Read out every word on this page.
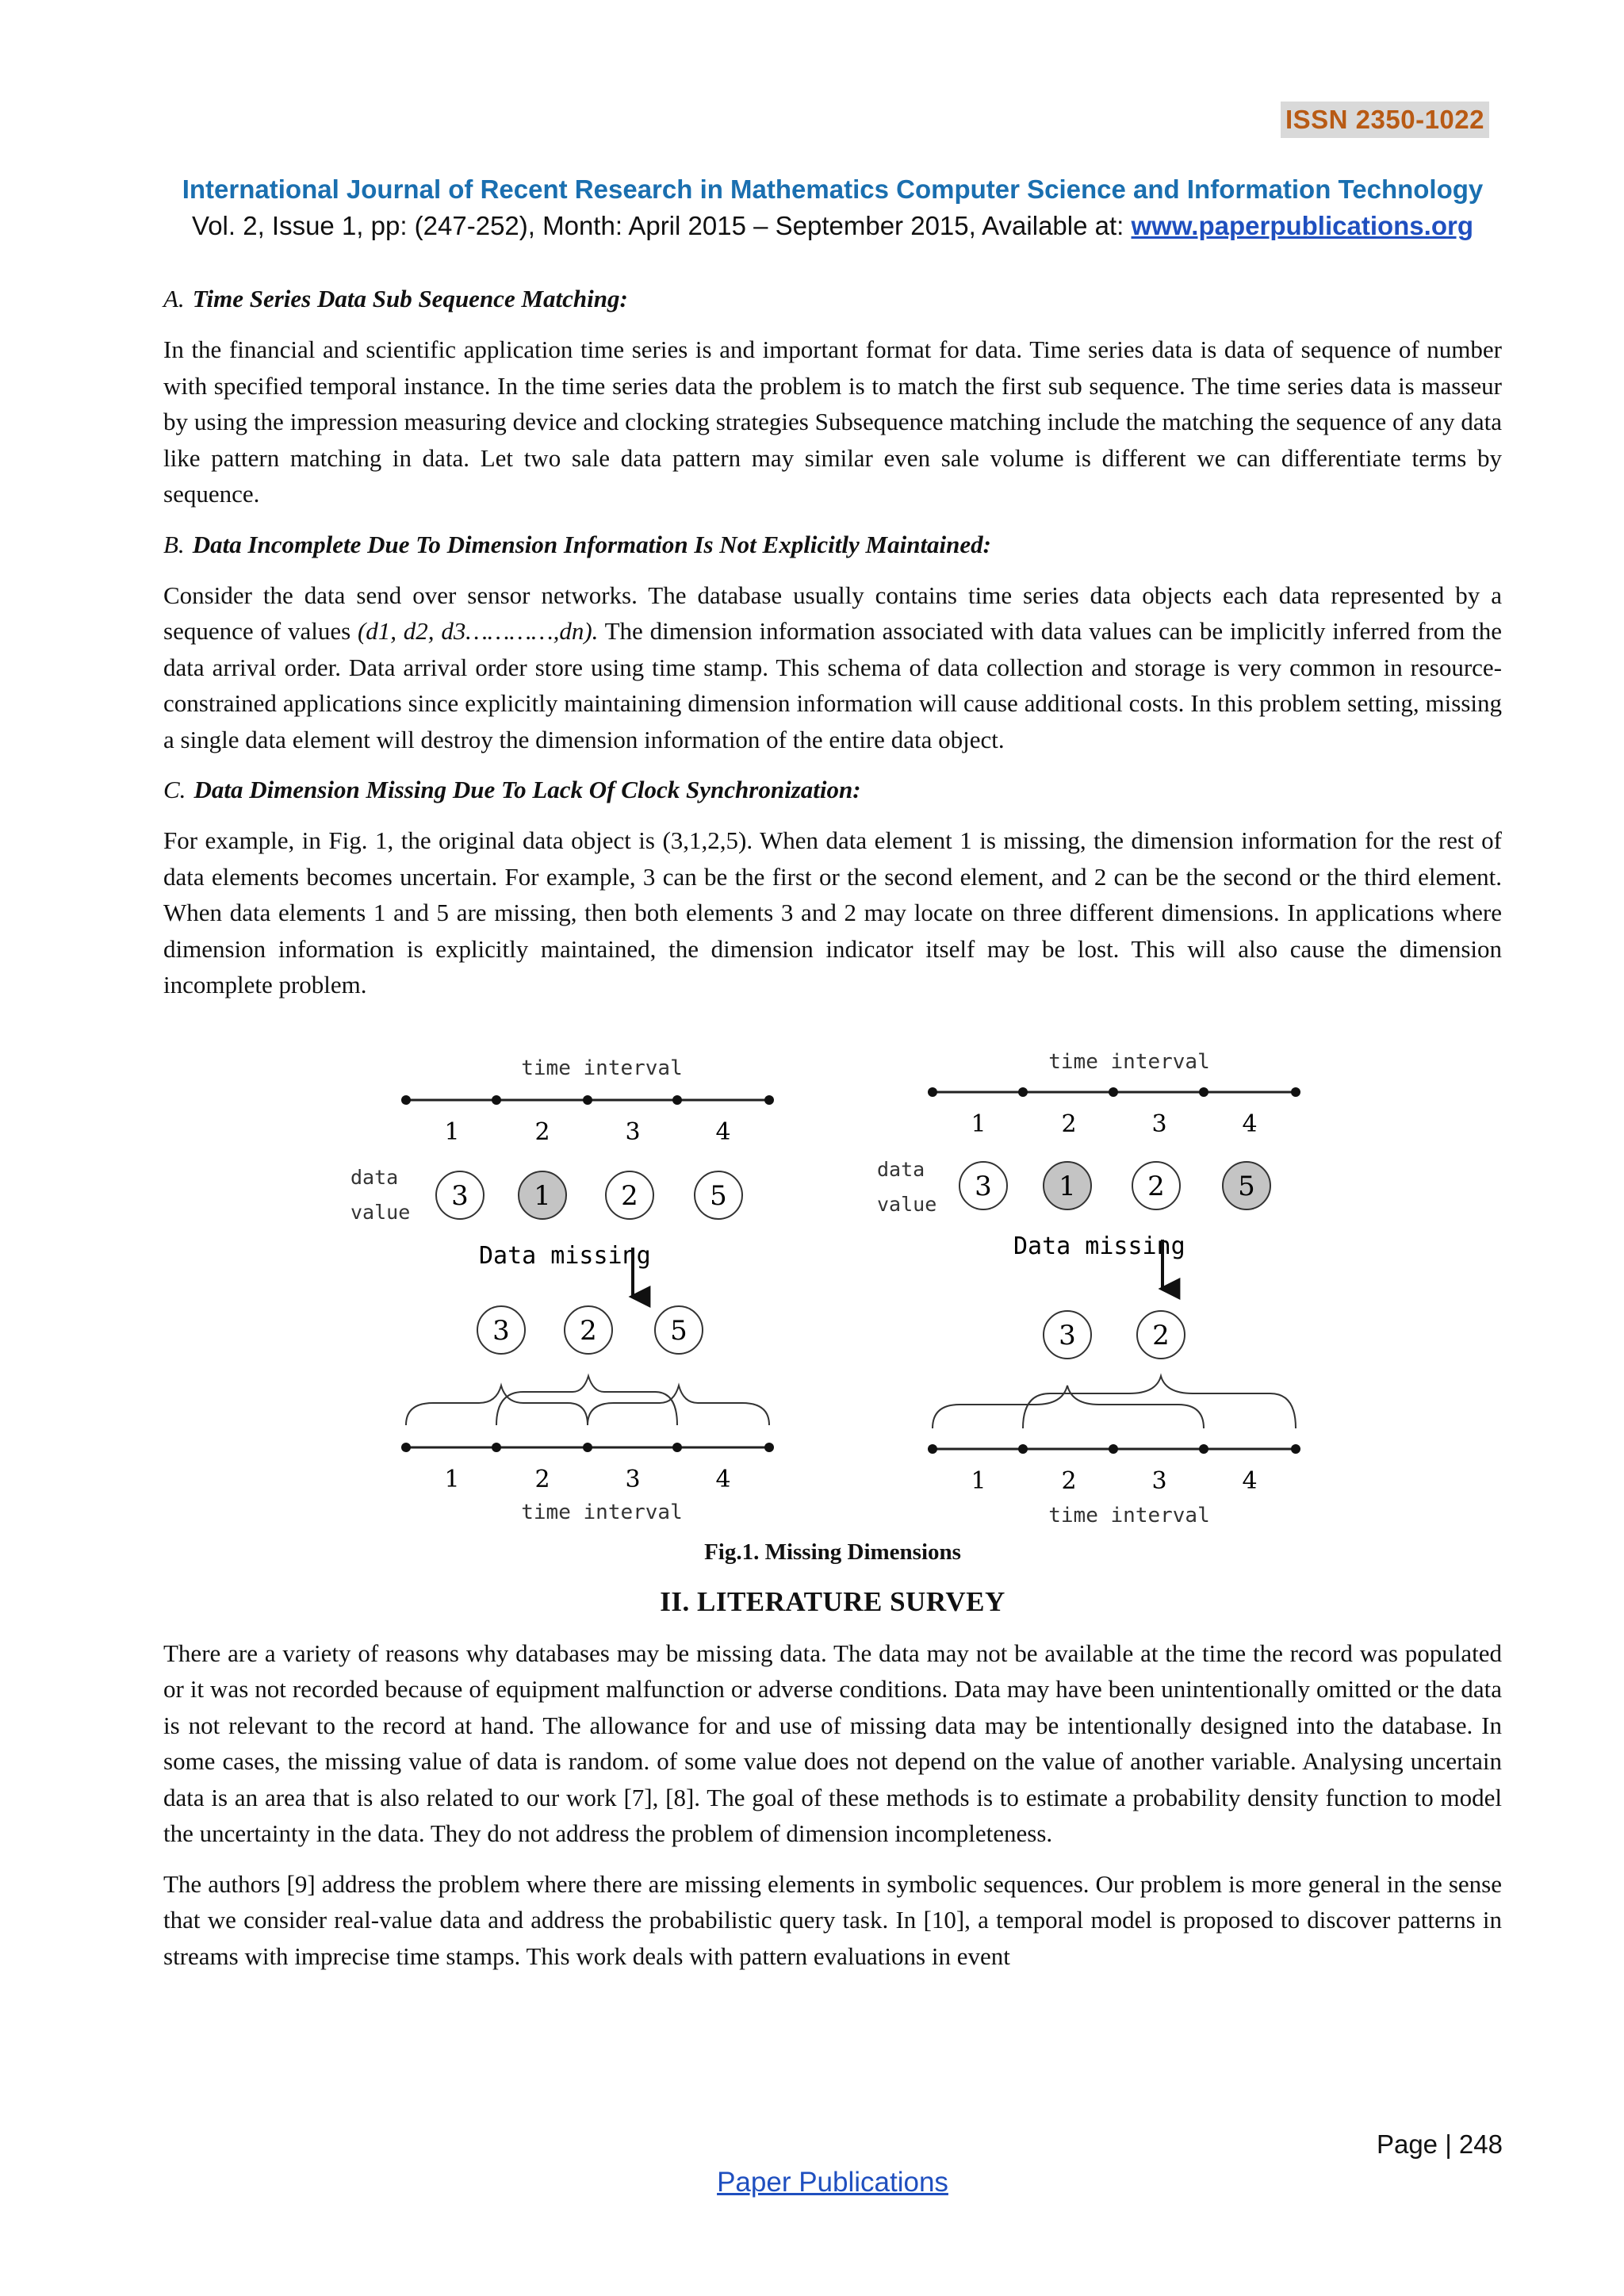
ISSN 2350-1022
International Journal of Recent Research in Mathematics Computer Science and Information Technology
Vol. 2, Issue 1, pp: (247-252), Month: April 2015 – September 2015, Available at: www.paperpublications.org
A. Time Series Data Sub Sequence Matching:

In the financial and scientific application time series is and important format for data. Time series data is data of sequence of number with specified temporal instance. In the time series data the problem is to match the first sub sequence. The time series data is masseur by using the impression measuring device and clocking strategies Subsequence matching include the matching the sequence of any data like pattern matching in data. Let two sale data pattern may similar even sale volume is different we can differentiate terms by sequence.

B. Data Incomplete Due To Dimension Information Is Not Explicitly Maintained:

Consider the data send over sensor networks. The database usually contains time series data objects each data represented by a sequence of values (d1, d2, d3…………,dn). The dimension information associated with data values can be implicitly inferred from the data arrival order. Data arrival order store using time stamp. This schema of data collection and storage is very common in resource-constrained applications since explicitly maintaining dimension information will cause additional costs. In this problem setting, missing a single data element will destroy the dimension information of the entire data object.

C. Data Dimension Missing Due To Lack Of Clock Synchronization:

For example, in Fig. 1, the original data object is (3,1,2,5). When data element 1 is missing, the dimension information for the rest of data elements becomes uncertain. For example, 3 can be the first or the second element, and 2 can be the second or the third element. When data elements 1 and 5 are missing, then both elements 3 and 2 may locate on three different dimensions. In applications where dimension information is explicitly maintained, the dimension indicator itself may be lost. This will also cause the dimension incomplete problem.

time interval
1	2	3	4
data
value
3 1	2	5
Data missing
3	2	5
1	2	3	4
time interval
time interval
1	2	3	4
data
value
3 1	2	5
Data missing
3	2
1	2	3	4
time interval
Fig.1. Missing Dimensions
II. LITERATURE SURVEY

There are a variety of reasons why databases may be missing data. The data may not be available at the time the record was populated or it was not recorded because of equipment malfunction or adverse conditions. Data may have been unintentionally omitted or the data is not relevant to the record at hand. The allowance for and use of missing data may be intentionally designed into the database. In some cases, the missing value of data is random. of some value does not depend on the value of another variable. Analysing uncertain data is an area that is also related to our work [7], [8]. The goal of these methods is to estimate a probability density function to model the uncertainty in the data. They do not address the problem of dimension incompleteness.

The authors [9] address the problem where there are missing elements in symbolic sequences. Our problem is more general in the sense that we consider real-value data and address the probabilistic query task. In [10], a temporal model is proposed to discover patterns in streams with imprecise time stamps. This work deals with pattern evaluations in event

Page | 248
Paper Publications
